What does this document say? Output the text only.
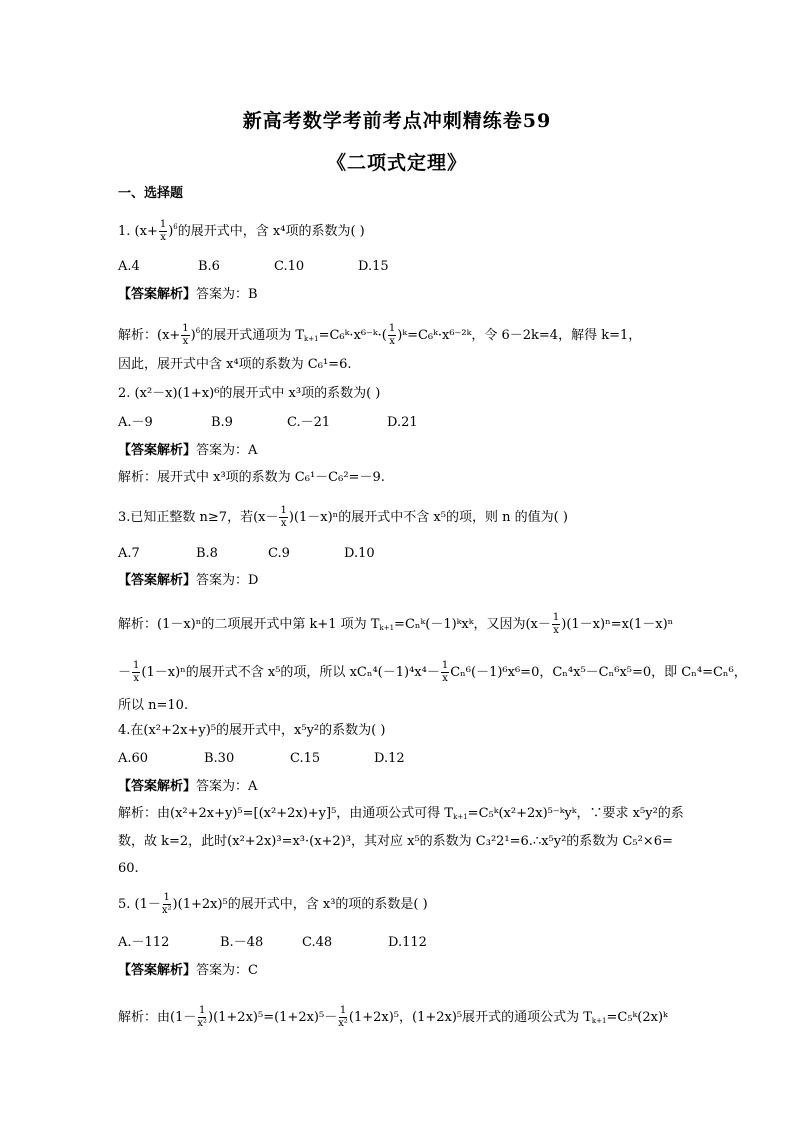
新高考数学考前考点冲刺精练卷59
《二项式定理》
一、选择题
1. $(x+ \frac{1}{x} )^6$的展开式中，含 x⁴项的系数为( )
A.4	B.6	C.10	D.15
【答案解析】答案为：B
解析：$(x+ \frac{1}{x} )^6$的展开式通项为 $T_{k+1}=C_6ᵏ\cdot x^{6-}ᵏ\cdot( \frac{1}{x}$ )ᵏ=C₆ᵏ·x⁶⁻²ᵏ，令 6－2k=4，解得 k=1，
因此，展开式中含 x⁴项的系数为 C₆¹=6.
2. (x²－x)(1+x)⁶的展开式中 x³项的系数为( )
A.－9	B.9	C.－21	D.21
【答案解析】答案为：A
解析：展开式中 x³项的系数为 C₆¹－C₆²=－9.
3.已知正整数 n≥7，若$(x- \frac{1}{x} )(1-x)^n$的展开式中不含 x⁵的项，则 n 的值为( )
A.7	B.8	C.9	D.10
【答案解析】答案为：D
解析：(1－x)ⁿ的二项展开式中第 k+1 项为 $T_{k+1}=C_nᵏ(-1)ᵏxᵏ$，又因为$(x- \frac{1}{x} )(1-x)^n=x(1-x)^n$
－ $\frac{1}{x} (1-x)^n$的展开式不含 x⁵的项，所以 $xC_n^4(-1)^4x^4- \frac{1}{x} C_n^6(-1)^6x^6=0$，Cₙ⁴x⁵－Cₙ⁶x⁵=0，即 Cₙ⁴=Cₙ⁶，
所以 n=10.
4.在(x²+2x+y)⁵的展开式中，x⁵y²的系数为( )
A.60	B.30	C.15	D.12
【答案解析】答案为：A
解析：由(x²+2x+y)⁵=[(x²+2x)+y]⁵，由通项公式可得 $T_{k+1}=C_5ᵏ(x^2+2x)^{5-}ᵏyᵏ$，∵要求 x⁵y²的系
数，故 k=2，此时(x²+2x)³=x³·(x+2)³，其对应 x⁵的系数为 C₃²2¹=6.∴x⁵y²的系数为 C₅²×6=
60.
5. $(1- \frac{1}{\text{x²}} )(1+2x)^5$的展开式中，含 x³的项的系数是( )
A.－112	B.－48	C.48	D.112
【答案解析】答案为：C
解析：由$(1- \frac{1}{\text{x²}} )(1+2x)^5=(1+2x)^5- \frac{1}{\text{x²}} (1+2x)^5$，(1+2x)⁵展开式的通项公式为 $T_{k+1}=C_5ᵏ(2x)ᵏ$
